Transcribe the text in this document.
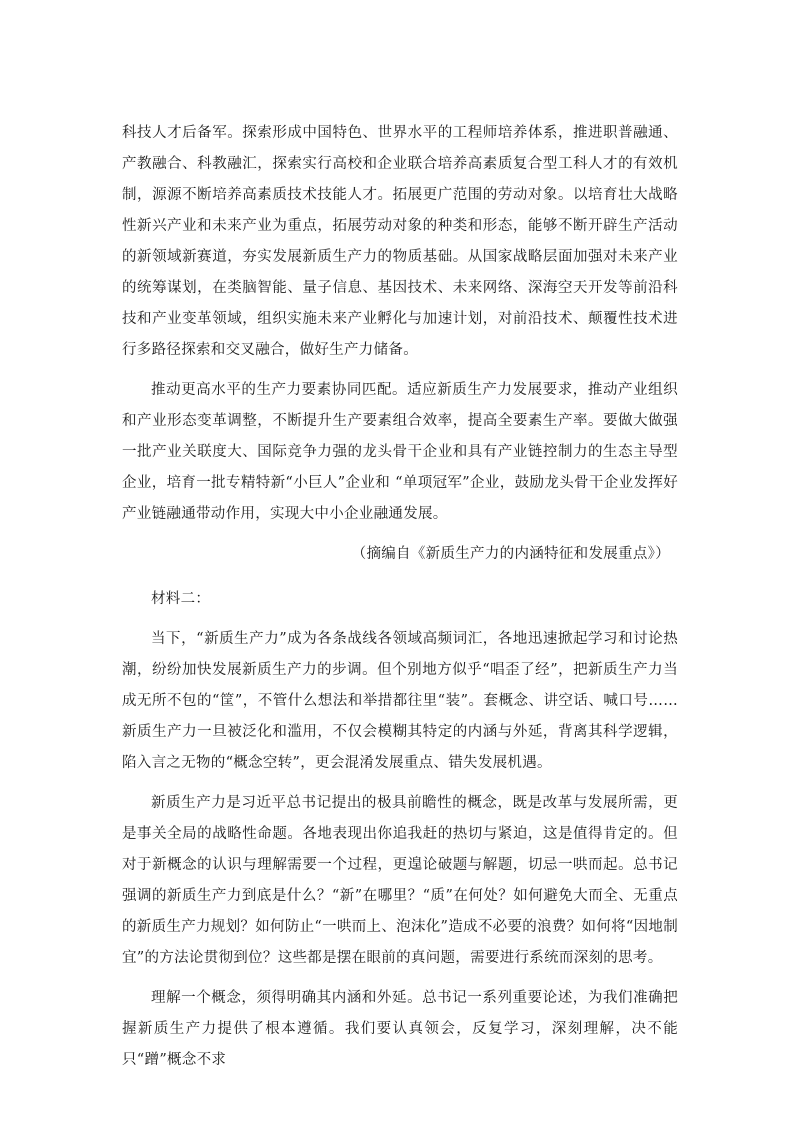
科技人才后备军。探索形成中国特色、世界水平的工程师培养体系，推进职普融通、产教融合、科教融汇，探索实行高校和企业联合培养高素质复合型工科人才的有效机制，源源不断培养高素质技术技能人才。拓展更广范围的劳动对象。以培育壮大战略性新兴产业和未来产业为重点，拓展劳动对象的种类和形态，能够不断开辟生产活动的新领域新赛道，夯实发展新质生产力的物质基础。从国家战略层面加强对未来产业的统筹谋划，在类脑智能、量子信息、基因技术、未来网络、深海空天开发等前沿科技和产业变革领域，组织实施未来产业孵化与加速计划，对前沿技术、颠覆性技术进行多路径探索和交叉融合，做好生产力储备。

推动更高水平的生产力要素协同匹配。适应新质生产力发展要求，推动产业组织和产业形态变革调整，不断提升生产要素组合效率，提高全要素生产率。要做大做强一批产业关联度大、国际竞争力强的龙头骨干企业和具有产业链控制力的生态主导型企业，培育一批专精特新“小巨人”企业和 “单项冠军”企业，鼓励龙头骨干企业发挥好产业链融通带动作用，实现大中小企业融通发展。

（摘编自《新质生产力的内涵特征和发展重点》）

材料二：

当下，“新质生产力”成为各条战线各领域高频词汇，各地迅速掀起学习和讨论热潮，纷纷加快发展新质生产力的步调。但个别地方似乎“唱歪了经”，把新质生产力当成无所不包的“筐”，不管什么想法和举措都往里“装”。套概念、讲空话、喊口号……新质生产力一旦被泛化和滥用，不仅会模糊其特定的内涵与外延，背离其科学逻辑，陷入言之无物的“概念空转”，更会混淆发展重点、错失发展机遇。

新质生产力是习近平总书记提出的极具前瞻性的概念，既是改革与发展所需，更是事关全局的战略性命题。各地表现出你追我赶的热切与紧迫，这是值得肯定的。但对于新概念的认识与理解需要一个过程，更遑论破题与解题，切忌一哄而起。总书记强调的新质生产力到底是什么？“新”在哪里？“质”在何处？如何避免大而全、无重点的新质生产力规划？如何防止“一哄而上、泡沫化”造成不必要的浪费？如何将“因地制宜”的方法论贯彻到位？这些都是摆在眼前的真问题，需要进行系统而深刻的思考。

理解一个概念，须得明确其内涵和外延。总书记一系列重要论述，为我们准确把握新质生产力提供了根本遵循。我们要认真领会，反复学习，深刻理解，决不能只“蹭”概念不求
